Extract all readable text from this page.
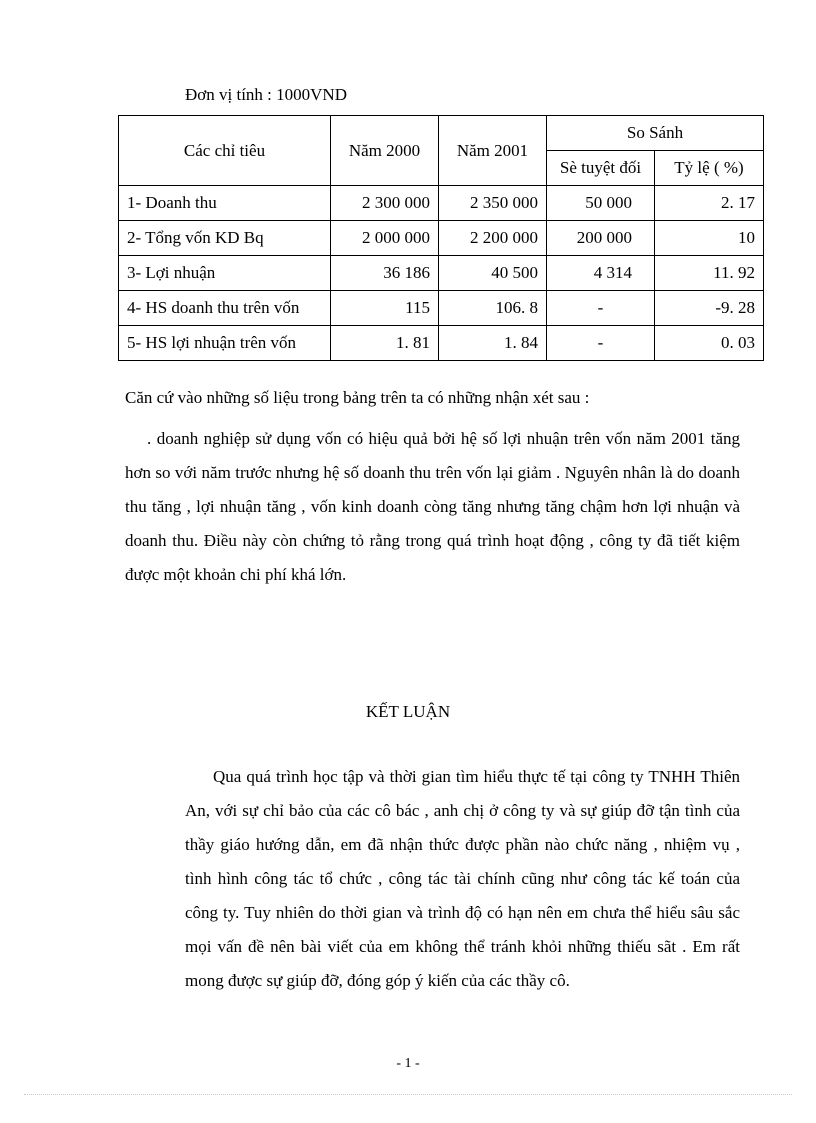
Đơn vị tính : 1000VND
Các chỉ tiêu	Năm 2000	Năm 2001	So Sánh	
			Sè tuyệt đối	Tỷ lệ ( %)
1- Doanh thu	2 300 000	2 350 000	50 000	2. 17
2- Tổng vốn KD Bq	2 000 000	2 200 000	200 000	10
3- Lợi nhuận	36 186	40 500	4 314	11. 92
4- HS doanh thu trên vốn	115	106. 8	-	-9. 28
5- HS lợi nhuận trên vốn	1. 81	1. 84	-	0. 03
Căn cứ vào những số liệu trong bảng trên ta có những nhận xét sau :
. doanh nghiệp sử dụng vốn có hiệu quả bởi hệ số lợi nhuận trên vốn năm 2001 tăng hơn so với năm trước nhưng hệ số doanh thu trên vốn lại giảm . Nguyên nhân là do doanh thu tăng , lợi nhuận tăng , vốn kinh doanh còng tăng nhưng tăng chậm hơn lợi nhuận và doanh thu. Điều này còn chứng tỏ rằng trong quá trình hoạt động , công ty đã tiết kiệm được một khoản chi phí khá lớn.
KẾT LUẬN
Qua quá trình học tập và thời gian tìm hiểu thực tế tại công ty TNHH Thiên An, với sự chỉ bảo của các cô bác , anh chị ở công ty và sự giúp đỡ tận tình của thầy giáo hướng dẫn, em đã nhận thức được phần nào chức năng , nhiệm vụ , tình hình công tác tổ chức , công tác tài chính cũng như công tác kế toán của công ty. Tuy nhiên do thời gian và trình độ có hạn nên em chưa thể hiểu sâu sắc mọi vấn đề nên bài viết của em không thể tránh khỏi những thiếu sãt . Em rất mong được sự giúp đỡ, đóng góp ý kiến của các thầy cô.
- 1 -
